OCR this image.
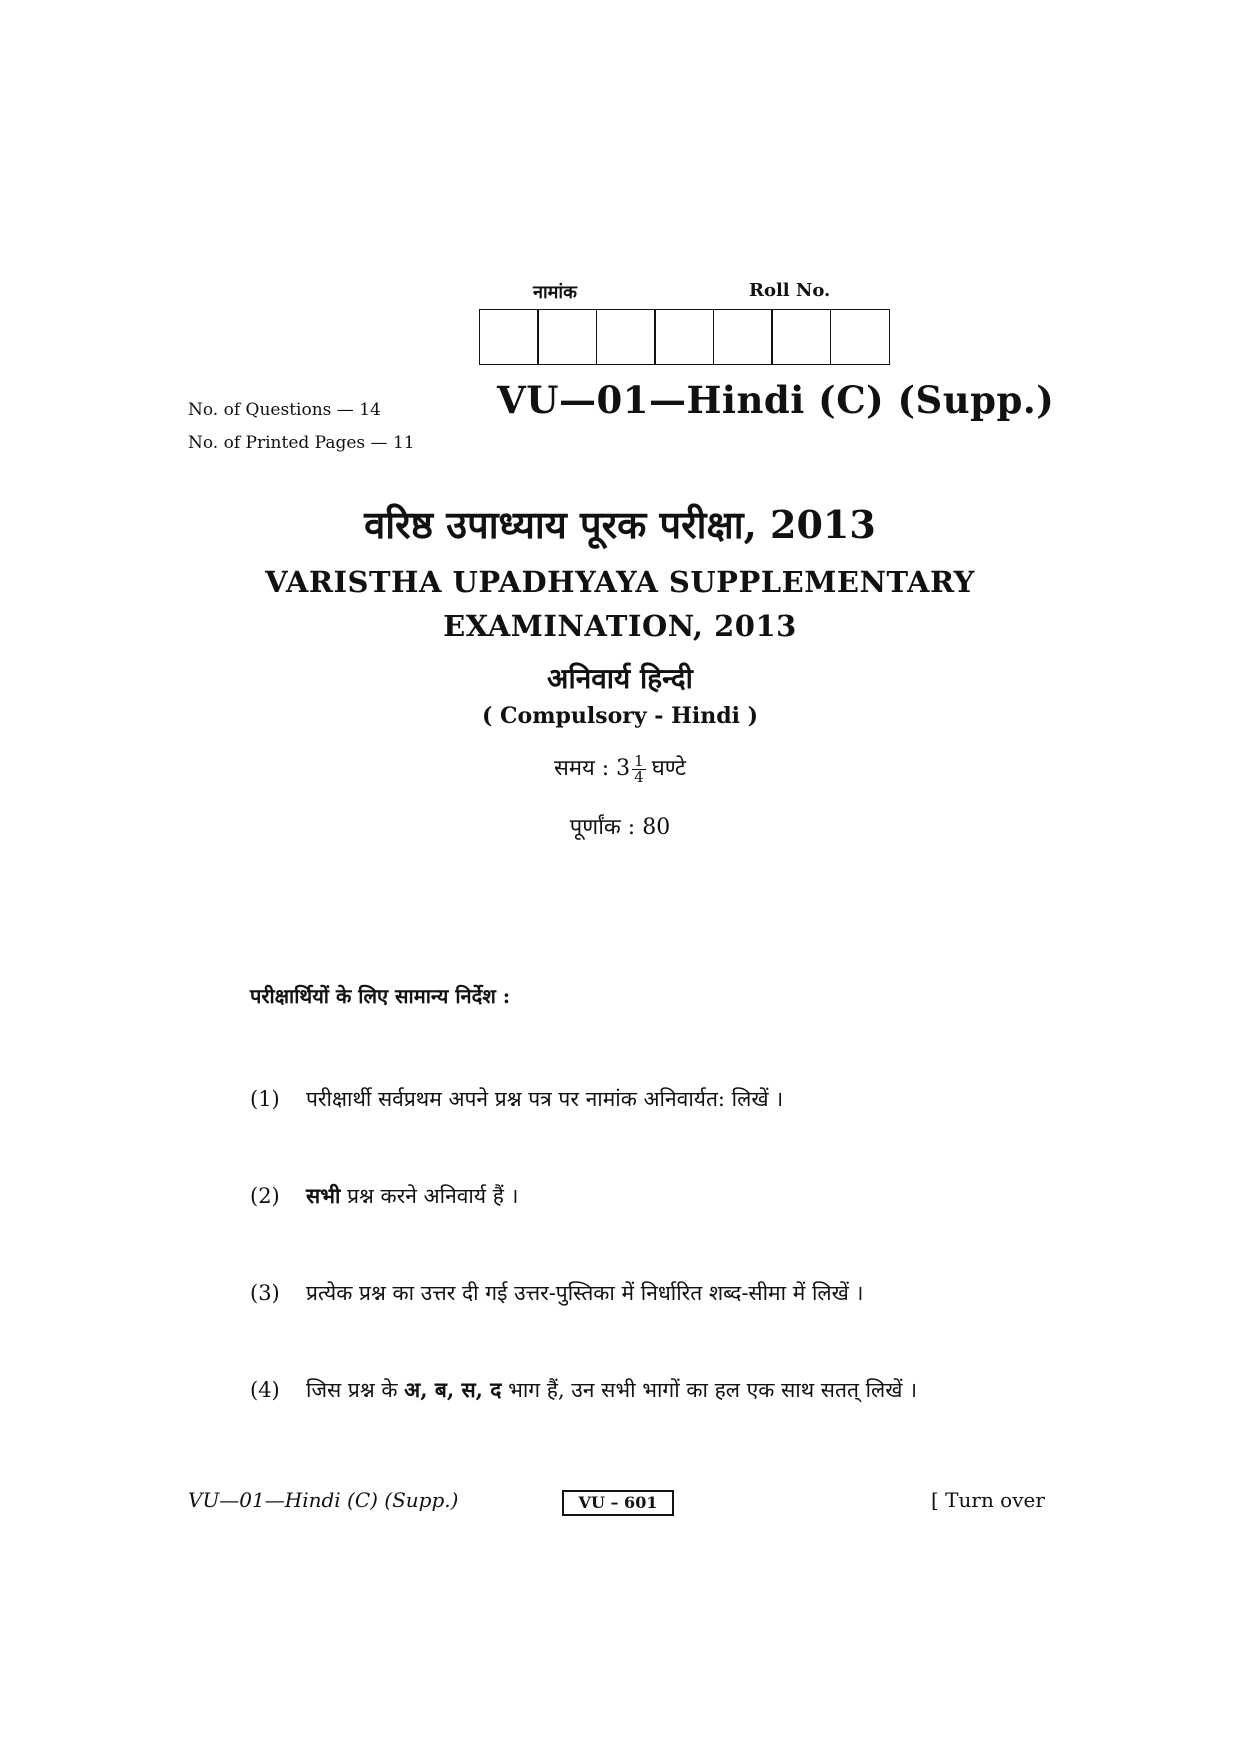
नामांक	Roll No.
No. of Questions — 14
No. of Printed Pages — 11
VU—01—Hindi (C) (Supp.)
वरिष्ठ उपाध्याय पूरक परीक्षा, 2013
VARISTHA UPADHYAYA SUPPLEMENTARY
EXAMINATION, 2013
अनिवार्य हिन्दी
( Compulsory - Hindi )
समय : $3 \frac{1}{4}$ घण्टे
पूर्णांक : 80
परीक्षार्थियों के लिए सामान्य निर्देश :
(1) परीक्षार्थी सर्वप्रथम अपने प्रश्न पत्र पर नामांक अनिवार्यत: लिखें ।
(2) सभी प्रश्न करने अनिवार्य हैं ।
(3) प्रत्येक प्रश्न का उत्तर दी गई उत्तर-पुस्तिका में निर्धारित शब्द-सीमा में लिखें ।
(4) जिस प्रश्न के अ, ब, स, द भाग हैं, उन सभी भागों का हल एक साथ सतत् लिखें ।
VU—01—Hindi (C) (Supp.)	VU – 601	[ Turn over
